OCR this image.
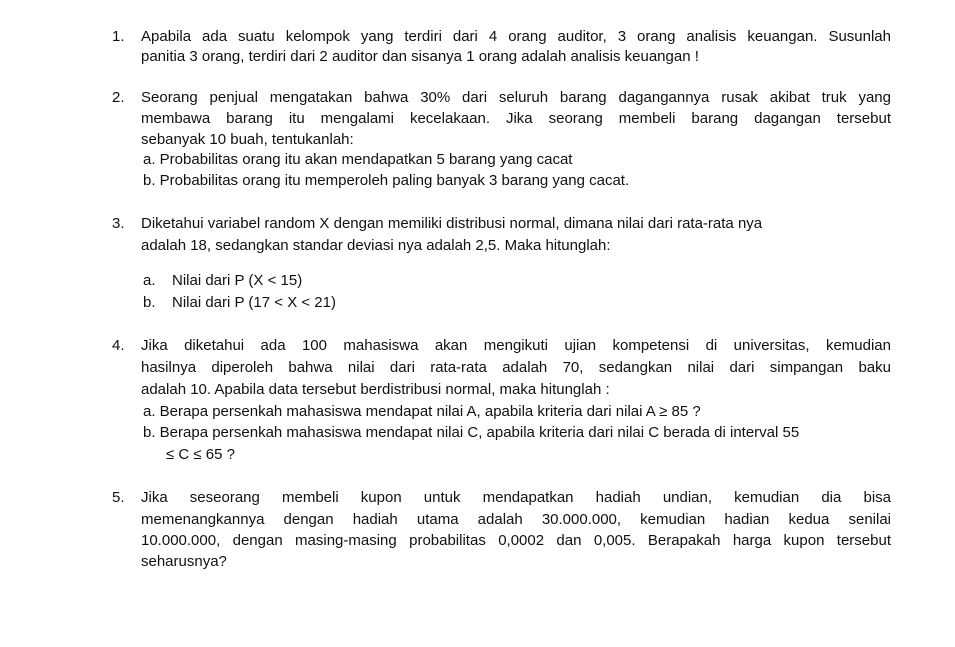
1. Apabila ada suatu kelompok yang terdiri dari 4 orang auditor, 3 orang analisis keuangan. Susunlah
panitia 3 orang, terdiri dari 2 auditor dan sisanya 1 orang adalah analisis keuangan !
2. Seorang penjual mengatakan bahwa 30% dari seluruh barang dagangannya rusak akibat truk yang
membawa barang itu mengalami kecelakaan. Jika seorang membeli barang dagangan tersebut
sebanyak 10 buah, tentukanlah:
a. Probabilitas orang itu akan mendapatkan 5 barang yang cacat
b. Probabilitas orang itu memperoleh paling banyak 3 barang yang cacat.
3. Diketahui variabel random X dengan memiliki distribusi normal, dimana nilai dari rata-rata nya
adalah 18, sedangkan standar deviasi nya adalah 2,5. Maka hitunglah:
a. Nilai dari P (X < 15)
b. Nilai dari P (17 < X < 21)
4. Jika diketahui ada 100 mahasiswa akan mengikuti ujian kompetensi di universitas, kemudian
hasilnya diperoleh bahwa nilai dari rata-rata adalah 70, sedangkan nilai dari simpangan baku
adalah 10. Apabila data tersebut berdistribusi normal, maka hitunglah :
a. Berapa persenkah mahasiswa mendapat nilai A, apabila kriteria dari nilai A ≥ 85 ?
b. Berapa persenkah mahasiswa mendapat nilai C, apabila kriteria dari nilai C berada di interval 55
≤ C ≤ 65 ?
5. Jika seseorang membeli kupon untuk mendapatkan hadiah undian, kemudian dia bisa
memenangkannya dengan hadiah utama adalah 30.000.000, kemudian hadian kedua senilai
10.000.000, dengan masing-masing probabilitas 0,0002 dan 0,005. Berapakah harga kupon tersebut
seharusnya?
